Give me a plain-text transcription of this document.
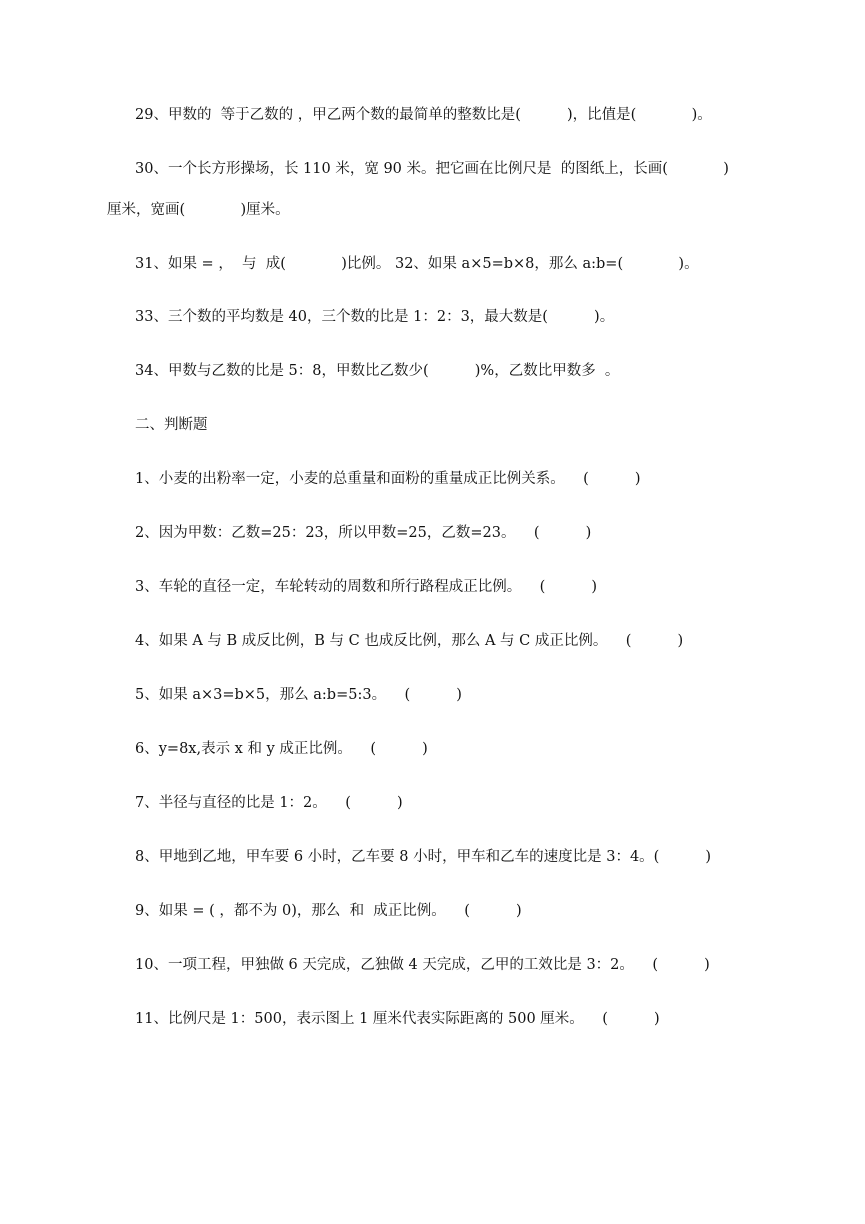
29、甲数的  等于乙数的 ，甲乙两个数的最简单的整数比是(          )，比值是(            )。
30、一个长方形操场，长 110 米，宽 90 米。把它画在比例尺是  的图纸上，长画(            )
厘米，宽画(            )厘米。
31、如果 = ，  与  成(            )比例。 32、如果 a×5=b×8，那么 a:b=(            )。
33、三个数的平均数是 40，三个数的比是 1：2：3，最大数是(          )。
34、甲数与乙数的比是 5：8，甲数比乙数少(          )%，乙数比甲数多  。
二、判断题
1、小麦的出粉率一定，小麦的总重量和面粉的重量成正比例关系。    (          )
2、因为甲数：乙数=25：23，所以甲数=25，乙数=23。    (          )
3、车轮的直径一定，车轮转动的周数和所行路程成正比例。    (          )
4、如果 A 与 B 成反比例，B 与 C 也成反比例，那么 A 与 C 成正比例。    (          )
5、如果 a×3=b×5，那么 a:b=5:3。    (          )
6、y=8x,表示 x 和 y 成正比例。    (          )
7、半径与直径的比是 1：2。    (          )
8、甲地到乙地，甲车要 6 小时，乙车要 8 小时，甲车和乙车的速度比是 3：4。(          )
9、如果 = ( ，都不为 0)，那么  和  成正比例。    (          )
10、一项工程，甲独做 6 天完成，乙独做 4 天完成，乙甲的工效比是 3：2。    (          )
11、比例尺是 1：500，表示图上 1 厘米代表实际距离的 500 厘米。    (          )
